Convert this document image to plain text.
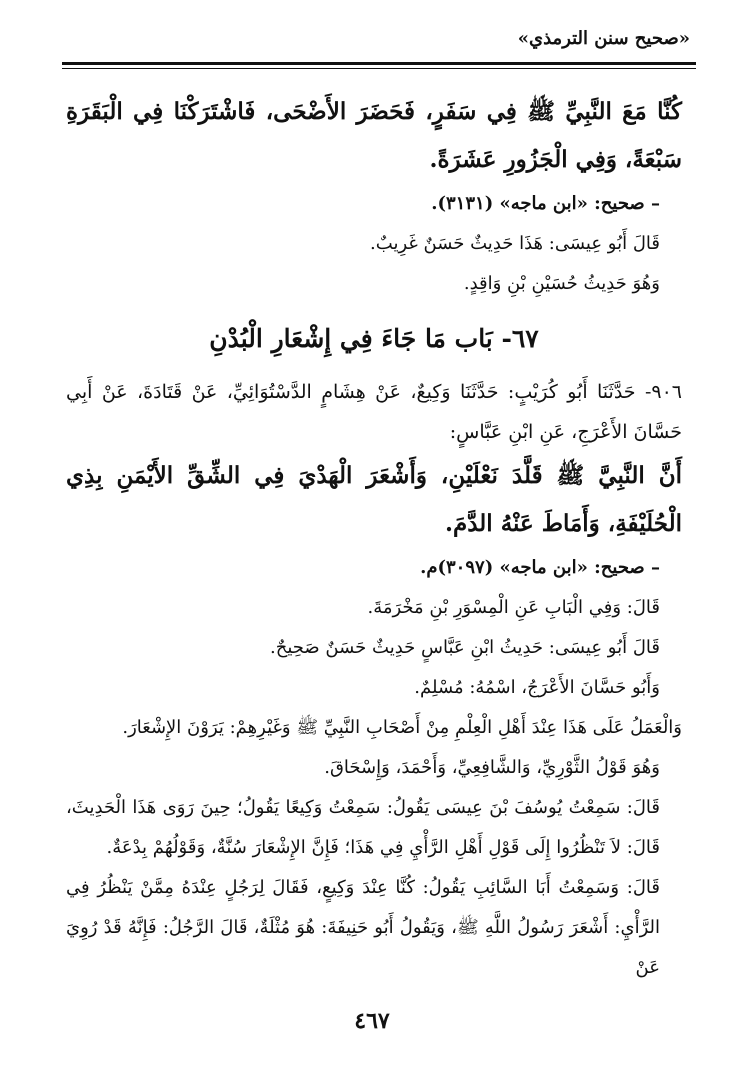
«صحيح سنن الترمذي»

كُنَّا مَعَ النَّبِيِّ ﷺ فِي سَفَرٍ، فَحَضَرَ الأَضْحَى، فَاشْتَرَكْنَا فِي الْبَقَرَةِ سَبْعَةً، وَفِي الْجَزُورِ عَشَرَةً.

– صحيح: «ابن ماجه» (٣١٣١).

قَالَ أَبُو عِيسَى: هَذَا حَدِيثٌ حَسَنٌ غَرِيبٌ.

وَهُوَ حَدِيثُ حُسَيْنِ بْنِ وَاقِدٍ.

٦٧- بَاب مَا جَاءَ فِي إِشْعَارِ الْبُدْنِ

٩٠٦- حَدَّثَنَا أَبُو كُرَيْبٍ: حَدَّثَنَا وَكِيعٌ، عَنْ هِشَامٍ الدَّسْتُوَائِيِّ، عَنْ قَتَادَةَ، عَنْ أَبِي حَسَّانَ الأَعْرَجِ، عَنِ ابْنِ عَبَّاسٍ:

أَنَّ النَّبِيَّ ﷺ قَلَّدَ نَعْلَيْنِ، وَأَشْعَرَ الْهَدْيَ فِي الشِّقِّ الأَيْمَنِ بِذِي الْحُلَيْفَةِ، وَأَمَاطَ عَنْهُ الدَّمَ.

– صحيح: «ابن ماجه» (٣٠٩٧)م.

قَالَ: وَفِي الْبَابِ عَنِ الْمِسْوَرِ بْنِ مَخْرَمَةَ.

قَالَ أَبُو عِيسَى: حَدِيثُ ابْنِ عَبَّاسٍ حَدِيثٌ حَسَنٌ صَحِيحٌ.

وَأَبُو حَسَّانَ الأَعْرَجُ، اسْمُهُ: مُسْلِمٌ.

وَالْعَمَلُ عَلَى هَذَا عِنْدَ أَهْلِ الْعِلْمِ مِنْ أَصْحَابِ النَّبِيِّ ﷺ وَغَيْرِهِمْ: يَرَوْنَ الإِشْعَارَ.

وَهُوَ قَوْلُ الثَّوْرِيِّ، وَالشَّافِعِيِّ، وَأَحْمَدَ، وَإِسْحَاقَ.

قَالَ: سَمِعْتُ يُوسُفَ بْنَ عِيسَى يَقُولُ: سَمِعْتُ وَكِيعًا يَقُولُ؛ حِينَ رَوَى هَذَا الْحَدِيثَ، قَالَ: لاَ تَنْظُرُوا إِلَى قَوْلِ أَهْلِ الرَّأْيِ فِي هَذَا؛ فَإِنَّ الإِشْعَارَ سُنَّةٌ، وَقَوْلُهُمْ بِدْعَةٌ.

قَالَ: وَسَمِعْتُ أَبَا السَّائِبِ يَقُولُ: كُنَّا عِنْدَ وَكِيعٍ، فَقَالَ لِرَجُلٍ عِنْدَهُ مِمَّنْ يَنْظُرُ فِي الرَّأْيِ: أَشْعَرَ رَسُولُ اللَّهِ ﷺ، وَيَقُولُ أَبُو حَنِيفَةَ: هُوَ مُثْلَةٌ، قَالَ الرَّجُلُ: فَإِنَّهُ قَدْ رُوِيَ عَنْ

٤٦٧
